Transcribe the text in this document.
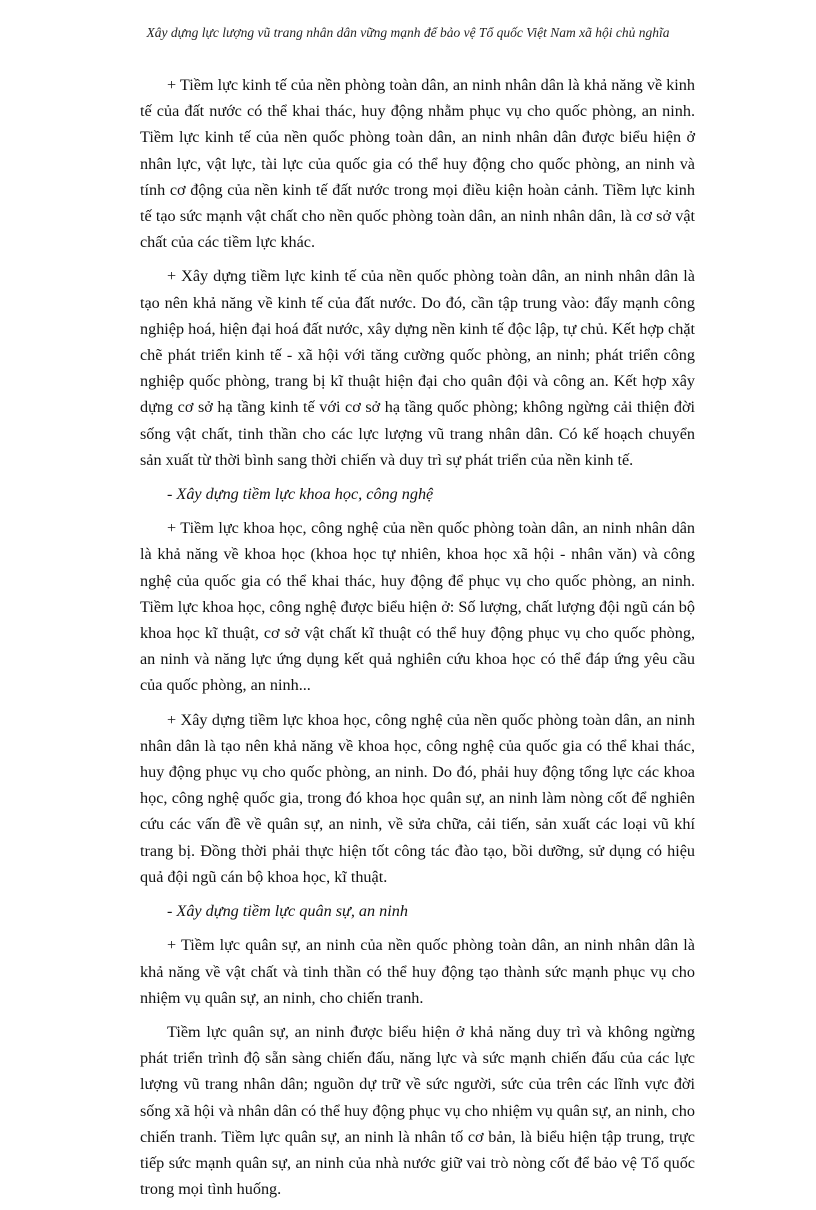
Xây dựng lực lượng vũ trang nhân dân vững mạnh để bảo vệ Tổ quốc Việt Nam xã hội chủ nghĩa

+ Tiềm lực kinh tế của nền phòng toàn dân, an ninh nhân dân là khả năng về kinh tế của đất nước có thể khai thác, huy động nhằm phục vụ cho quốc phòng, an ninh. Tiềm lực kinh tế của nền quốc phòng toàn dân, an ninh nhân dân được biểu hiện ở nhân lực, vật lực, tài lực của quốc gia có thể huy động cho quốc phòng, an ninh và tính cơ động của nền kinh tế đất nước trong mọi điều kiện hoàn cảnh. Tiềm lực kinh tế tạo sức mạnh vật chất cho nền quốc phòng toàn dân, an ninh nhân dân, là cơ sở vật chất của các tiềm lực khác.

+ Xây dựng tiềm lực kinh tế của nền quốc phòng toàn dân, an ninh nhân dân là tạo nên khả năng về kinh tế của đất nước. Do đó, cần tập trung vào: đẩy mạnh công nghiệp hoá, hiện đại hoá đất nước, xây dựng nền kinh tế độc lập, tự chủ. Kết hợp chặt chẽ phát triển kinh tế - xã hội với tăng cường quốc phòng, an ninh; phát triển công nghiệp quốc phòng, trang bị kĩ thuật hiện đại cho quân đội và công an. Kết hợp xây dựng cơ sở hạ tầng kinh tế với cơ sở hạ tầng quốc phòng; không ngừng cải thiện đời sống vật chất, tinh thần cho các lực lượng vũ trang nhân dân. Có kế hoạch chuyển sản xuất từ thời bình sang thời chiến và duy trì sự phát triển của nền kinh tế.

- Xây dựng tiềm lực khoa học, công nghệ

+ Tiềm lực khoa học, công nghệ của nền quốc phòng toàn dân, an ninh nhân dân là khả năng về khoa học (khoa học tự nhiên, khoa học xã hội - nhân văn) và công nghệ của quốc gia có thể khai thác, huy động để phục vụ cho quốc phòng, an ninh. Tiềm lực khoa học, công nghệ được biểu hiện ở: Số lượng, chất lượng đội ngũ cán bộ khoa học kĩ thuật, cơ sở vật chất kĩ thuật có thể huy động phục vụ cho quốc phòng, an ninh và năng lực ứng dụng kết quả nghiên cứu khoa học có thể đáp ứng yêu cầu của quốc phòng, an ninh...

+ Xây dựng tiềm lực khoa học, công nghệ của nền quốc phòng toàn dân, an ninh nhân dân là tạo nên khả năng về khoa học, công nghệ của quốc gia có thể khai thác, huy động phục vụ cho quốc phòng, an ninh. Do đó, phải huy động tổng lực các khoa học, công nghệ quốc gia, trong đó khoa học quân sự, an ninh làm nòng cốt để nghiên cứu các vấn đề về quân sự, an ninh, về sửa chữa, cải tiến, sản xuất các loại vũ khí trang bị. Đồng thời phải thực hiện tốt công tác đào tạo, bồi dưỡng, sử dụng có hiệu quả đội ngũ cán bộ khoa học, kĩ thuật.

- Xây dựng tiềm lực quân sự, an ninh

+ Tiềm lực quân sự, an ninh của nền quốc phòng toàn dân, an ninh nhân dân là khả năng về vật chất và tinh thần có thể huy động tạo thành sức mạnh phục vụ cho nhiệm vụ quân sự, an ninh, cho chiến tranh.

Tiềm lực quân sự, an ninh được biểu hiện ở khả năng duy trì và không ngừng phát triển trình độ sẵn sàng chiến đấu, năng lực và sức mạnh chiến đấu của các lực lượng vũ trang nhân dân; nguồn dự trữ về sức người, sức của trên các lĩnh vực đời sống xã hội và nhân dân có thể huy động phục vụ cho nhiệm vụ quân sự, an ninh, cho chiến tranh. Tiềm lực quân sự, an ninh là nhân tố cơ bản, là biểu hiện tập trung, trực tiếp sức mạnh quân sự, an ninh của nhà nước giữ vai trò nòng cốt để bảo vệ Tổ quốc trong mọi tình huống.
